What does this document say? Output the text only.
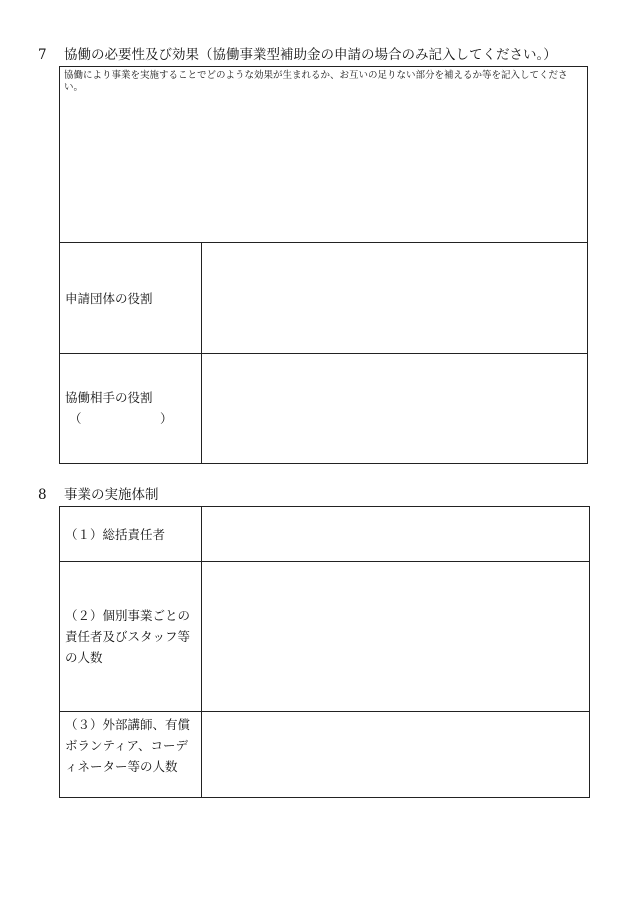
7 協働の必要性及び効果（協働事業型補助金の申請の場合のみ記入してください。）
協働により事業を実施することでどのような効果が生まれるか、お互いの足りない部分を補えるか等を記入してください。
申請団体の役割
協働相手の役割
（	）
8 事業の実施体制
（１）総括責任者
（２）個別事業ごとの責任者及びスタッフ等の人数
（３）外部講師、有償ボランティア、コーディネーター等の人数
